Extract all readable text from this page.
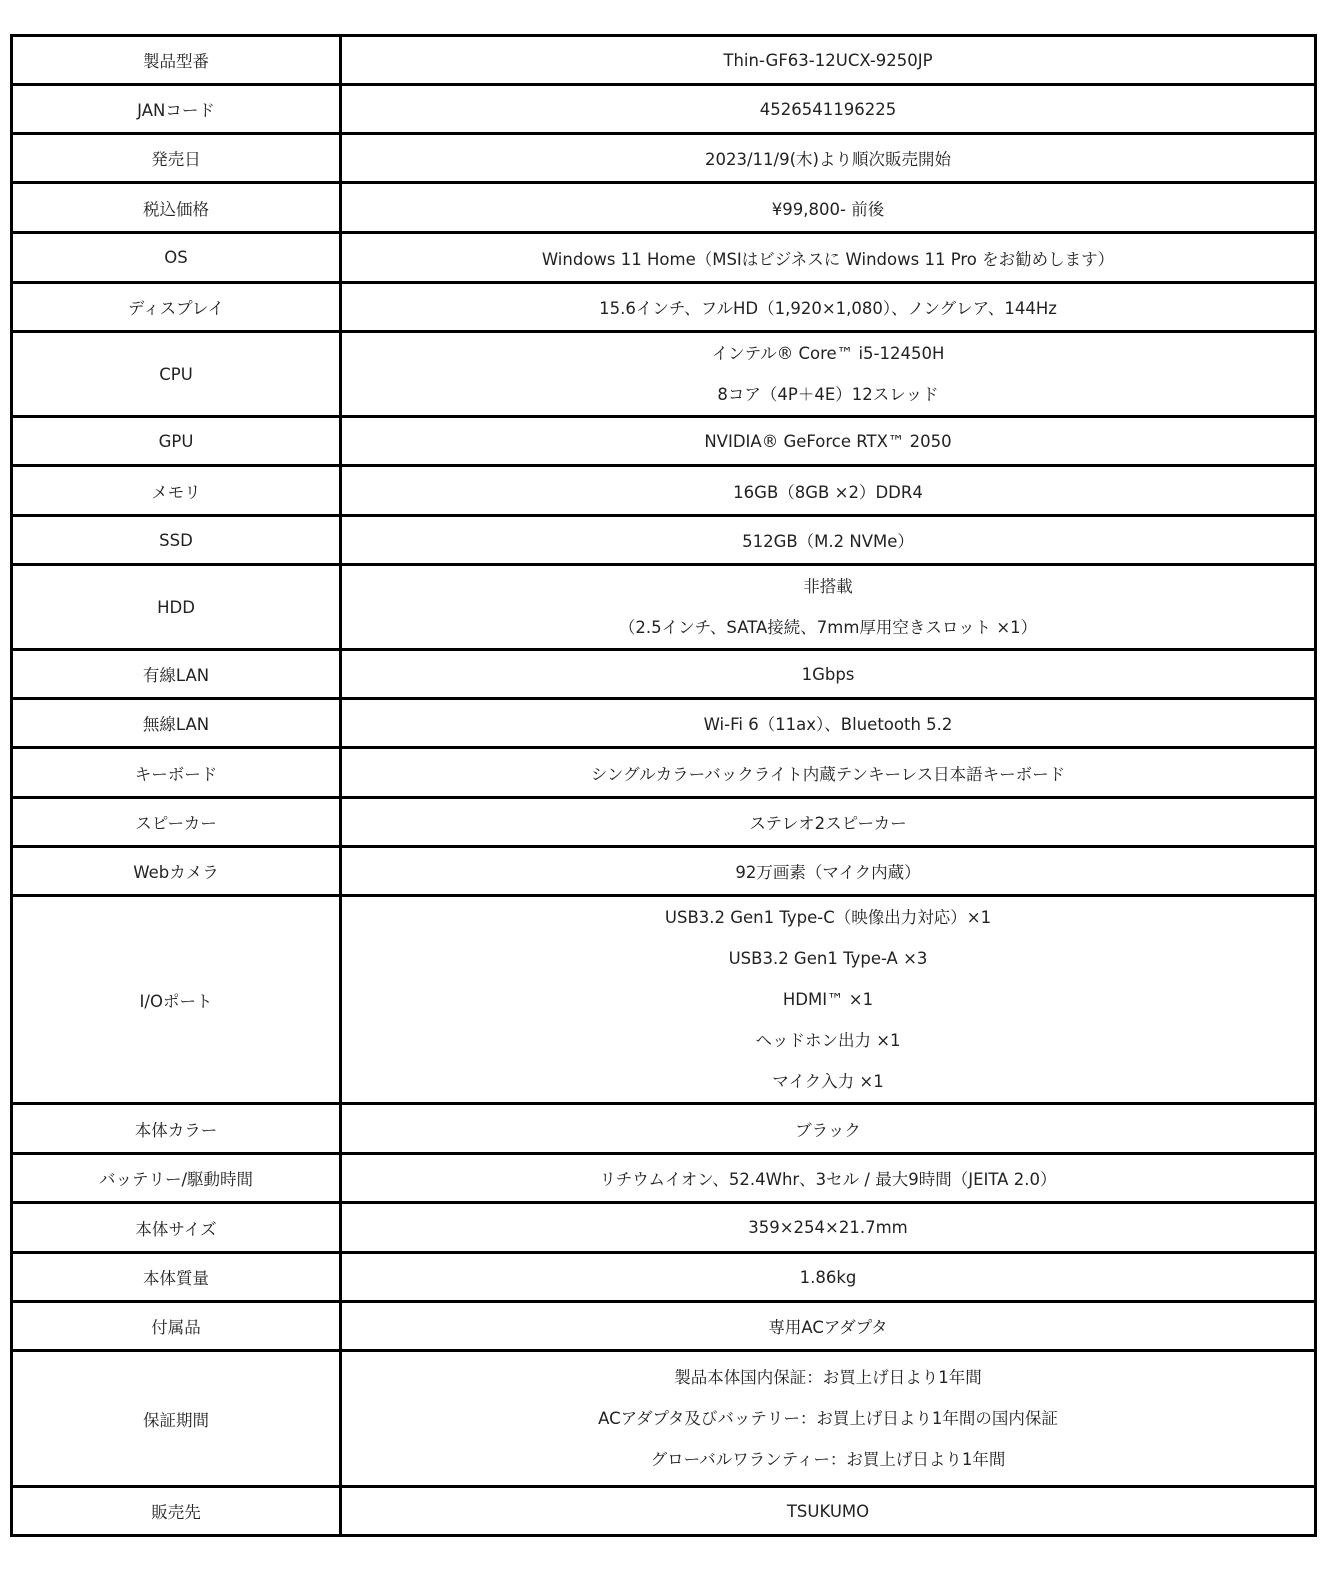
製品型番	Thin-GF63-12UCX-9250JP

JANコード	4526541196225

発売日	2023/11/9(木)より順次販売開始

税込価格	¥99,800- 前後

OS	Windows 11 Home（MSIはビジネスに Windows 11 Pro をお勧めします）

ディスプレイ	15.6インチ、フルHD（1,920×1,080）、ノングレア、144Hz

CPU	インテル® Core™ i5-12450H
8コア（4P＋4E）12スレッド

GPU	NVIDIA® GeForce RTX™ 2050

メモリ	16GB（8GB ×2）DDR4

SSD	512GB（M.2 NVMe）

HDD	非搭載
（2.5インチ、SATA接続、7mm厚用空きスロット ×1）

有線LAN	1Gbps

無線LAN	Wi-Fi 6（11ax）、Bluetooth 5.2

キーボード	シングルカラーバックライト内蔵テンキーレス日本語キーボード

スピーカー	ステレオ2スピーカー

Webカメラ	92万画素（マイク内蔵）

I/Oポート	USB3.2 Gen1 Type-C（映像出力対応）×1
USB3.2 Gen1 Type-A ×3
HDMI™ ×1
ヘッドホン出力 ×1
マイク入力 ×1

本体カラー	ブラック

バッテリー/駆動時間	リチウムイオン、52.4Whr、3セル / 最大9時間（JEITA 2.0）

本体サイズ	359×254×21.7mm

本体質量	1.86kg

付属品	専用ACアダプタ

保証期間	製品本体国内保証：お買上げ日より1年間
ACアダプタ及びバッテリー：お買上げ日より1年間の国内保証
グローバルワランティー：お買上げ日より1年間

販売先	TSUKUMO
